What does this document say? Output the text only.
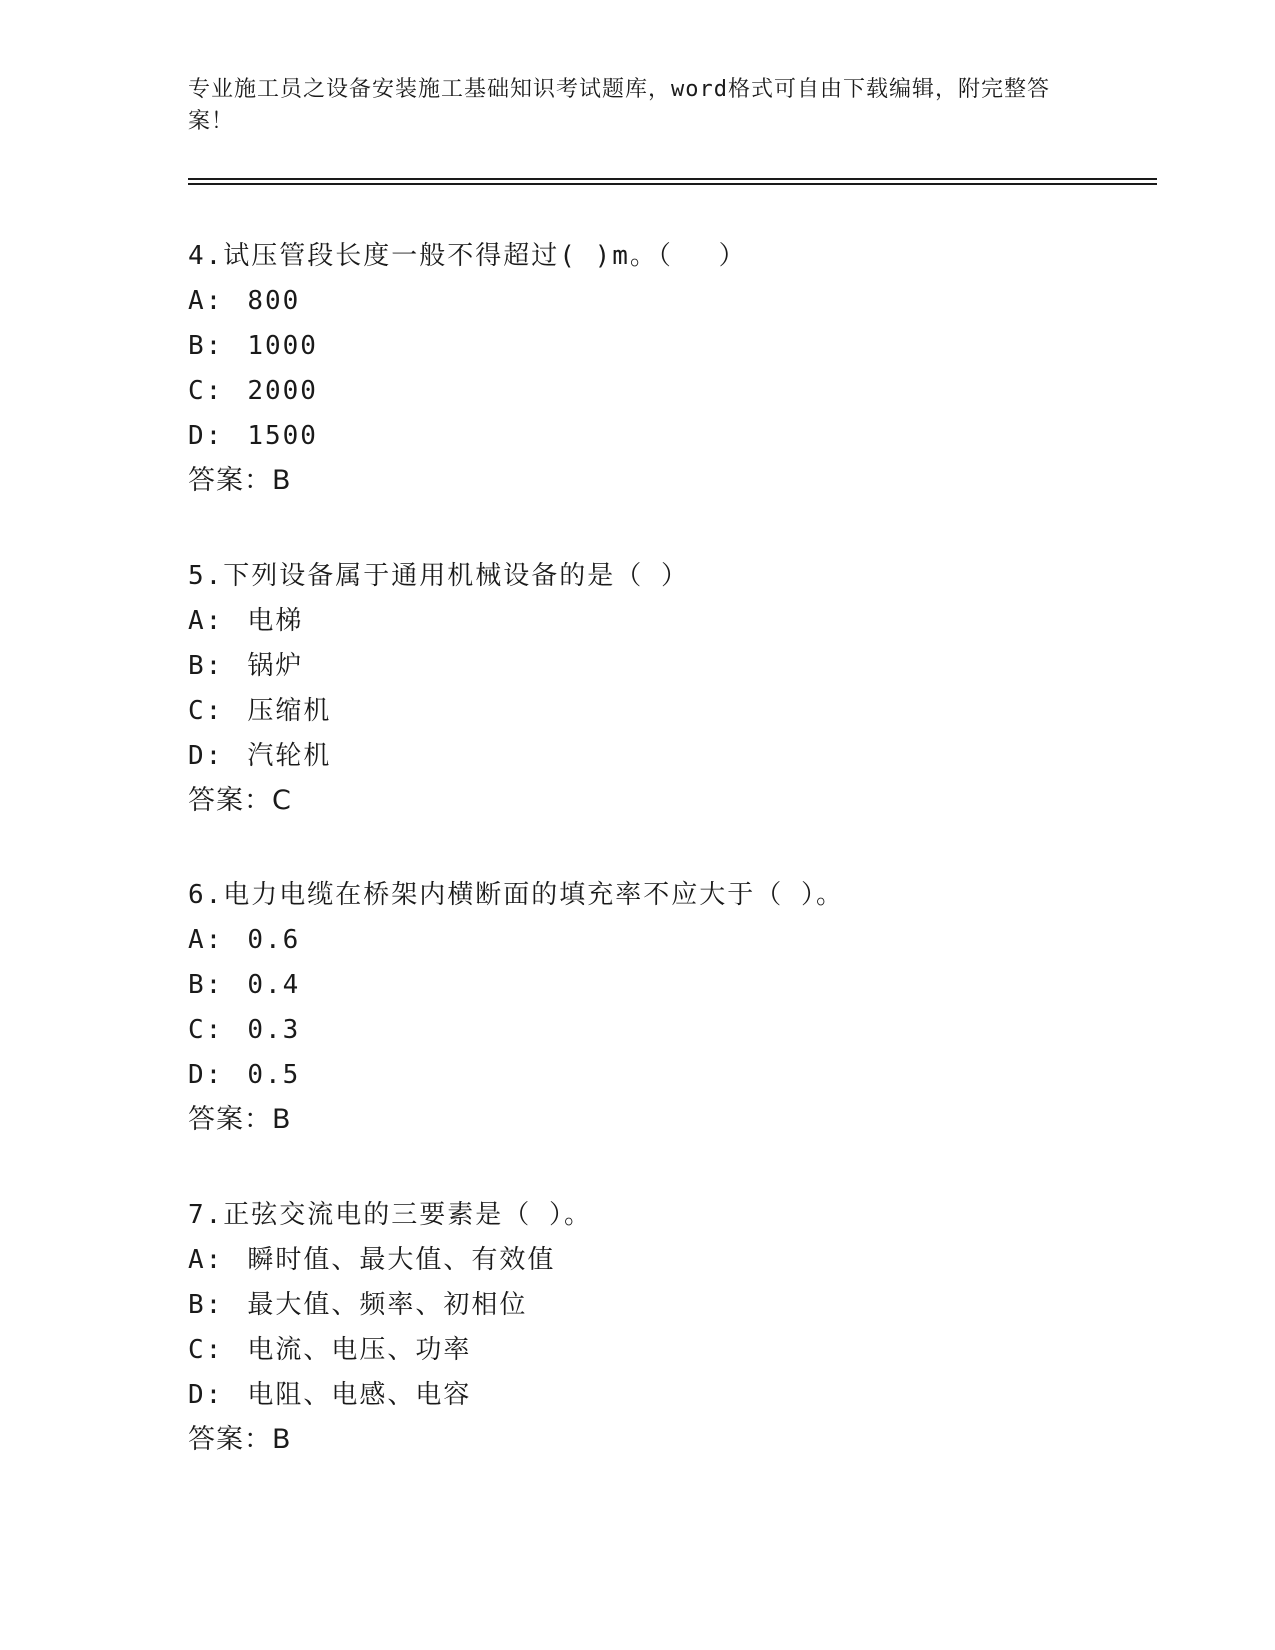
专业施工员之设备安装施工基础知识考试题库，word格式可自由下载编辑，附完整答案！
4.试压管段长度一般不得超过( )m。（　 ）
A: 800
B: 1000
C: 2000
D: 1500
答案：B
5.下列设备属于通用机械设备的是（ ）
A: 电梯
B: 锅炉
C: 压缩机
D: 汽轮机
答案：C
6.电力电缆在桥架内横断面的填充率不应大于（ ）。
A: 0.6
B: 0.4
C: 0.3
D: 0.5
答案：B
7.正弦交流电的三要素是（ ）。
A: 瞬时值、最大值、有效值
B: 最大值、频率、初相位
C: 电流、电压、功率
D: 电阻、电感、电容
答案：B
